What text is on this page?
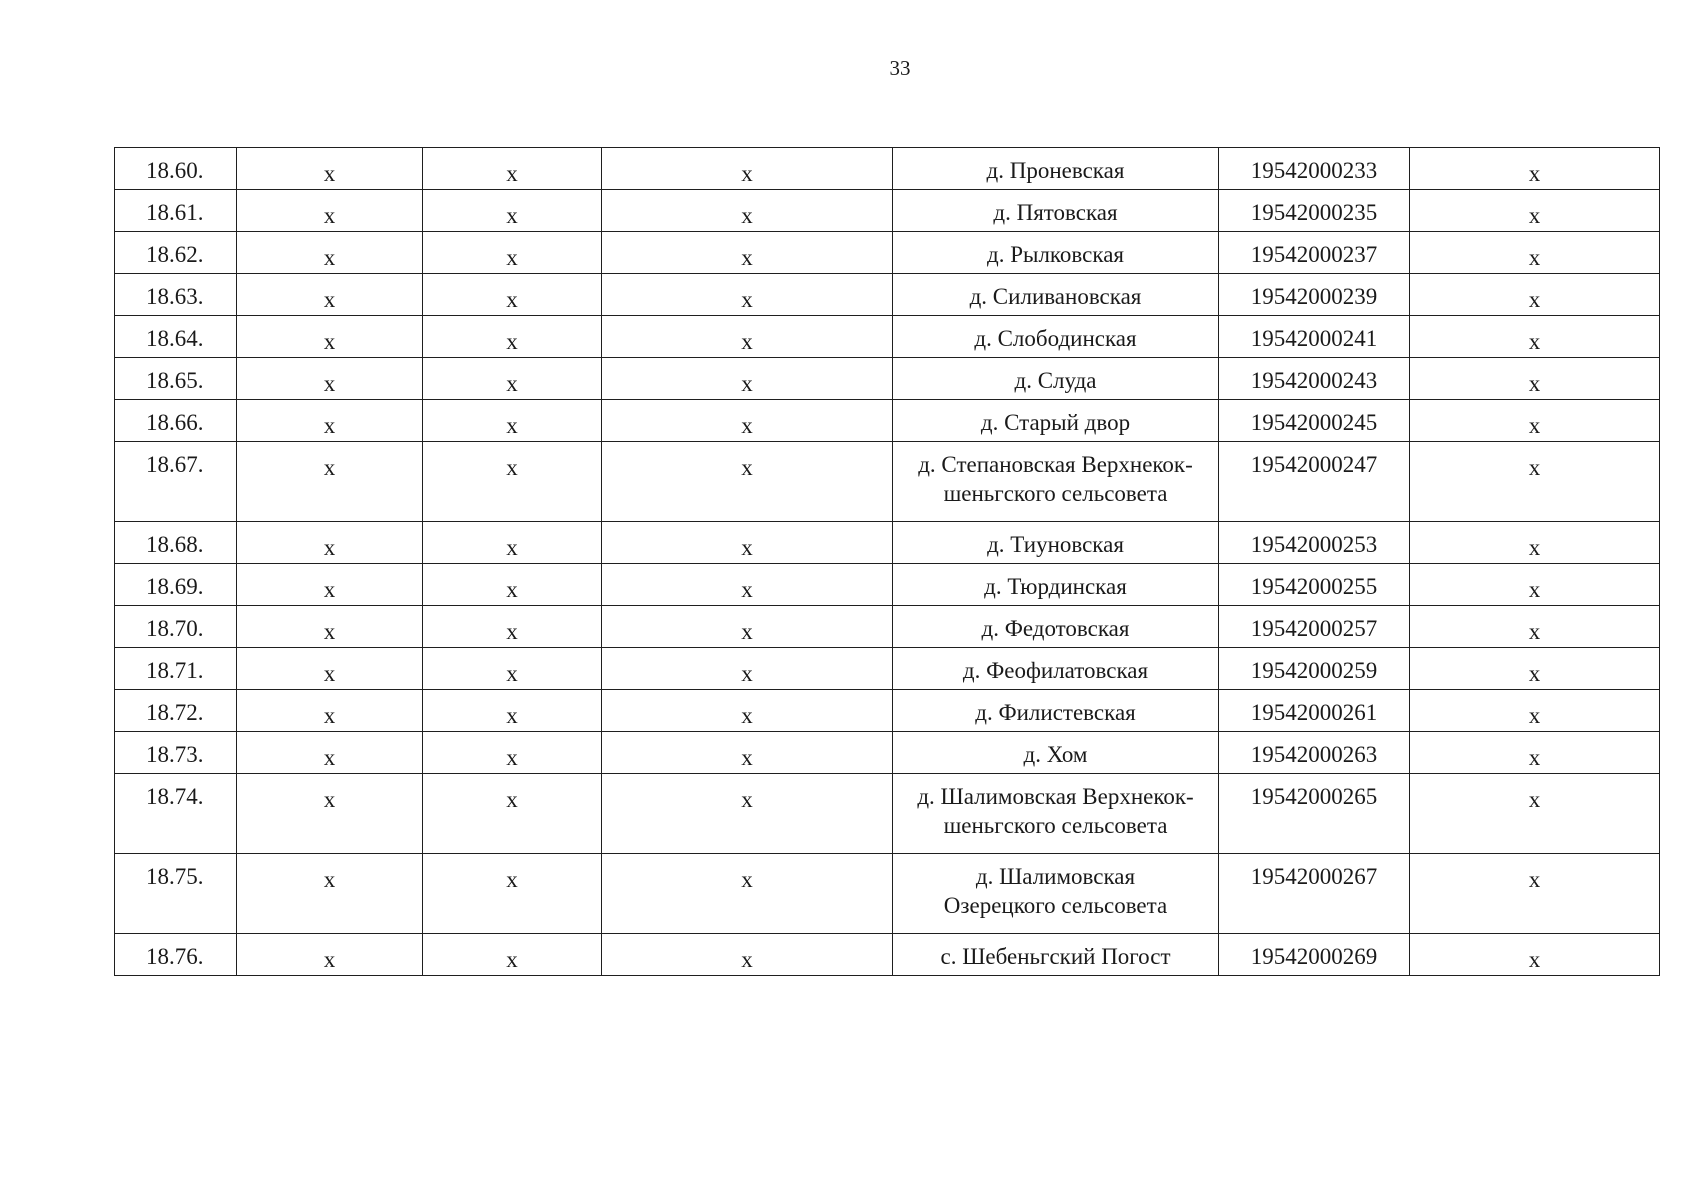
33
18.60.	x	x	x	д. Проневская	19542000233	x

18.61.	x	x	x	д. Пятовская	19542000235	x

18.62.	x	x	x	д. Рылковская	19542000237	x

18.63.	x	x	x	д. Силивановская	19542000239	x

18.64.	x	x	x	д. Слободинская	19542000241	x

18.65.	x	x	x	д. Слуда	19542000243	x

18.66.	x	x	x	д. Старый двор	19542000245	x

18.67.	x	x	x	д. Степановская Верхнекок-
шеньгского сельсовета	19542000247	x

18.68.	x	x	x	д. Тиуновская	19542000253	x

18.69.	x	x	x	д. Тюрдинская	19542000255	x

18.70.	x	x	x	д. Федотовская	19542000257	x

18.71.	x	x	x	д. Феофилатовская	19542000259	x

18.72.	x	x	x	д. Филистевская	19542000261	x

18.73.	x	x	x	д. Хом	19542000263	x

18.74.	x	x	x	д. Шалимовская Верхнекок-
шеньгского сельсовета	19542000265	x

18.75.	x	x	x	д. Шалимовская
Озерецкого сельсовета	19542000267	x

18.76.	x	x	x	с. Шебеньгский Погост	19542000269	x
